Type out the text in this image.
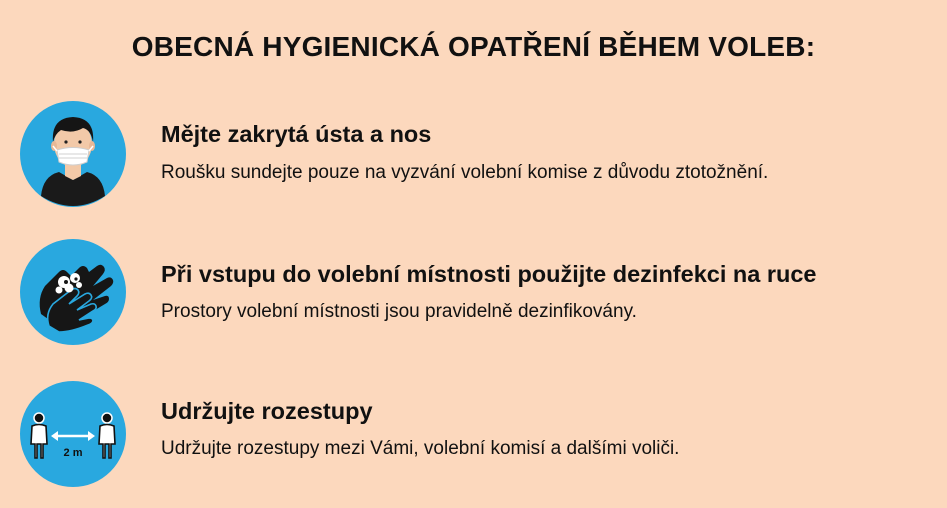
OBECNÁ HYGIENICKÁ OPATŘENÍ BĚHEM VOLEB:
Mějte zakrytá ústa a nos
Roušku sundejte pouze na vyzvání volební komise z důvodu ztotožnění.
Při vstupu do volební místnosti použijte dezinfekci na ruce
Prostory volební místnosti jsou pravidelně dezinfikovány.
2 m
Udržujte rozestupy
Udržujte rozestupy mezi Vámi, volební komisí a dalšími voliči.
